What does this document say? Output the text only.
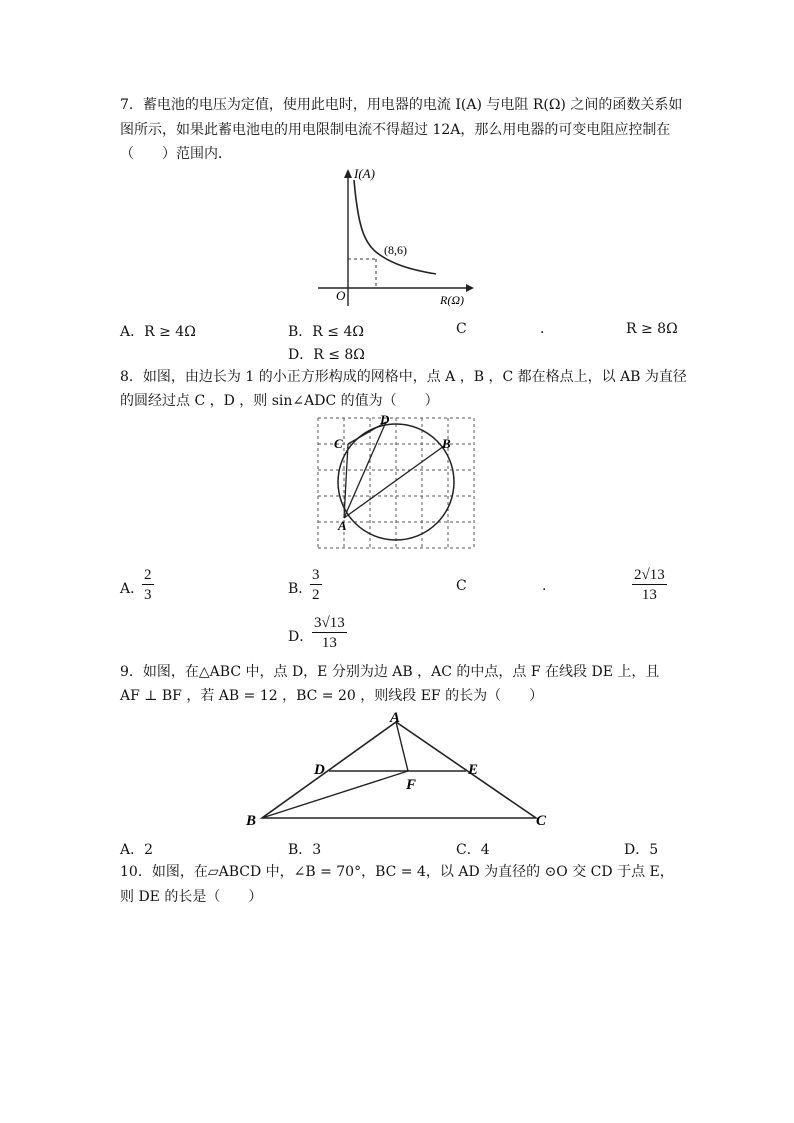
7．蓄电池的电压为定值，使用此电时，用电器的电流 I(A) 与电阻 R(Ω) 之间的函数关系如
图所示，如果此蓄电池电的用电限制电流不得超过 12A，那么用电器的可变电阻应控制在
（　　）范围内．
I(A)
(8,6)
O	R(Ω)
A．R ≥ 4Ω	B．R ≤ 4Ω	C	.	R ≥ 8Ω
D．R ≤ 8Ω
8．如图，由边长为 1 的小正方形构成的网格中，点 A ，B ，C 都在格点上，以 AB 为直径
的圆经过点 C ，D ，则 sin∠ADC 的值为（　　）
C
D
B
A
A．
$\frac{2}{3}$	B．
$\frac{3}{2}$	C	.	$\frac{2√13}{13}$
D．
$\frac{3√13}{13}$
9．如图，在△ABC 中，点 D，E 分别为边 AB ，AC 的中点，点 F 在线段 DE 上，且
AF ⊥ BF ，若 AB = 12 ，BC = 20 ，则线段 EF 的长为（　　）
A
D	E
F
B	C
A．2	B．3	C．4	D．5
10．如图，在▱ABCD 中，∠B = 70°，BC = 4，以 AD 为直径的 ⊙O 交 CD 于点 E，
则 DE 的长是（　　）
